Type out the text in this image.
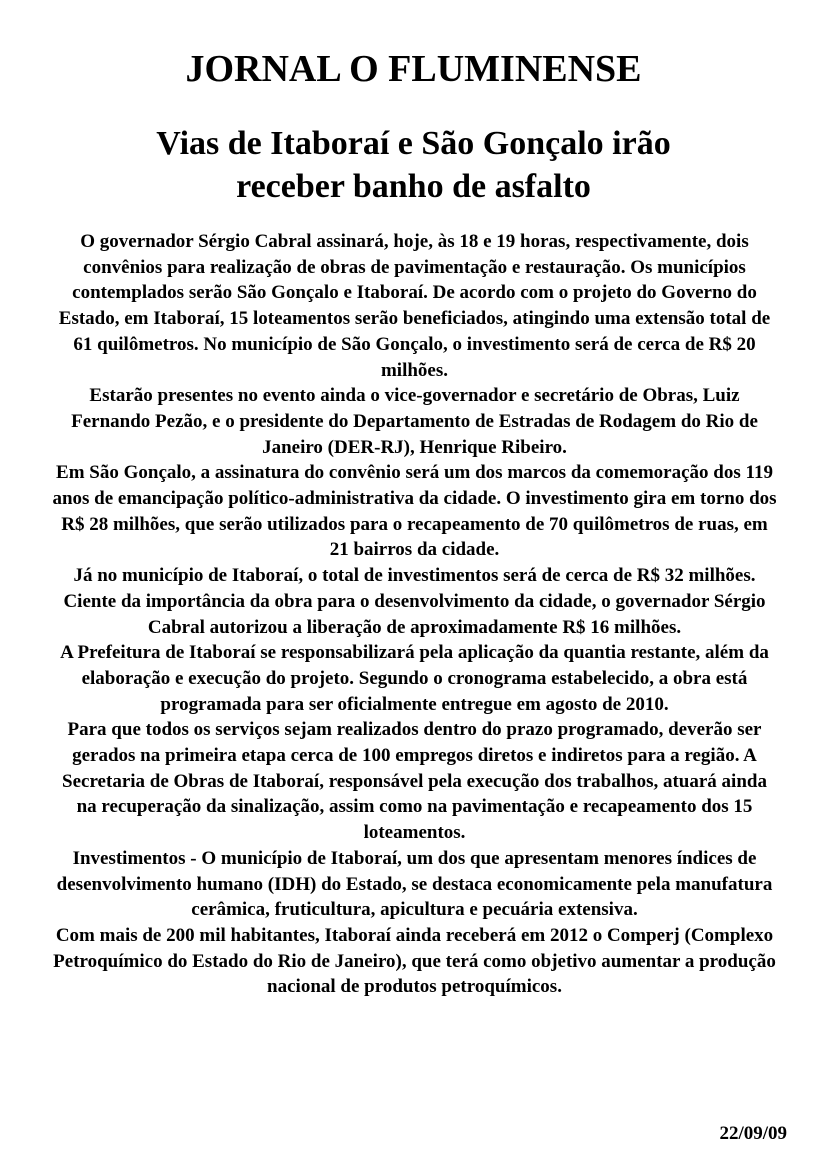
JORNAL O FLUMINENSE
Vias de Itaboraí e São Gonçalo irão
receber banho de asfalto

O governador Sérgio Cabral assinará, hoje, às 18 e 19 horas, respectivamente, dois convênios para realização de obras de pavimentação e restauração. Os municípios contemplados serão São Gonçalo e Itaboraí. De acordo com o projeto do Governo do Estado, em Itaboraí, 15 loteamentos serão beneficiados, atingindo uma extensão total de 61 quilômetros. No município de São Gonçalo, o investimento será de cerca de R$ 20 milhões.

Estarão presentes no evento ainda o vice-governador e secretário de Obras, Luiz Fernando Pezão, e o presidente do Departamento de Estradas de Rodagem do Rio de Janeiro (DER-RJ), Henrique Ribeiro.

Em São Gonçalo, a assinatura do convênio será um dos marcos da comemoração dos 119 anos de emancipação político-administrativa da cidade. O investimento gira em torno dos R$ 28 milhões, que serão utilizados para o recapeamento de 70 quilômetros de ruas, em 21 bairros da cidade.

Já no município de Itaboraí, o total de investimentos será de cerca de R$ 32 milhões. Ciente da importância da obra para o desenvolvimento da cidade, o governador Sérgio Cabral autorizou a liberação de aproximadamente R$ 16 milhões.

A Prefeitura de Itaboraí se responsabilizará pela aplicação da quantia restante, além da elaboração e execução do projeto. Segundo o cronograma estabelecido, a obra está programada para ser oficialmente entregue em agosto de 2010.

Para que todos os serviços sejam realizados dentro do prazo programado, deverão ser gerados na primeira etapa cerca de 100 empregos diretos e indiretos para a região. A Secretaria de Obras de Itaboraí, responsável pela execução dos trabalhos, atuará ainda na recuperação da sinalização, assim como na pavimentação e recapeamento dos 15 loteamentos.

Investimentos - O município de Itaboraí, um dos que apresentam menores índices de desenvolvimento humano (IDH) do Estado, se destaca economicamente pela manufatura cerâmica, fruticultura, apicultura e pecuária extensiva.

Com mais de 200 mil habitantes, Itaboraí ainda receberá em 2012 o Comperj (Complexo Petroquímico do Estado do Rio de Janeiro), que terá como objetivo aumentar a produção nacional de produtos petroquímicos.

22/09/09
